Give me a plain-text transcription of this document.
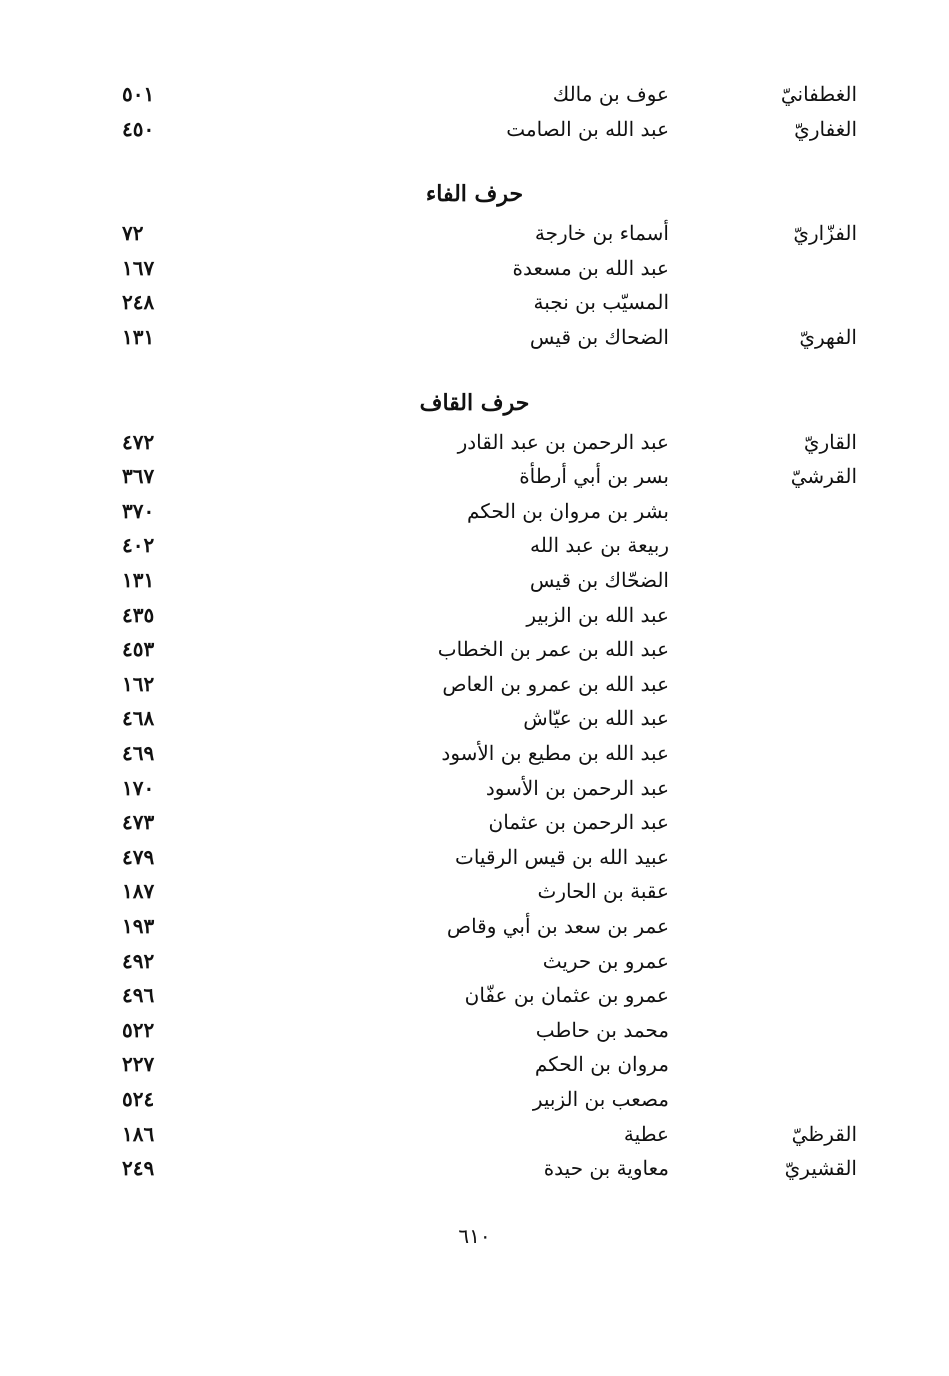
الغطفانيّ
عوف بن مالك
٥٠١
الغفاريّ
عبد الله بن الصامت
٤٥٠
حرف الفاء
الفزّاريّ
أسماء بن خارجة
٧٢
عبد الله بن مسعدة
١٦٧
المسيّب بن نجبة
٢٤٨
الفهريّ
الضحاك بن قيس
١٣١
حرف القاف
القاريّ
عبد الرحمن بن عبد القادر
٤٧٢
القرشيّ
بسر بن أبي أرطأة
٣٦٧
بشر بن مروان بن الحكم
٣٧٠
ربيعة بن عبد الله
٤٠٢
الضحّاك بن قيس
١٣١
عبد الله بن الزبير
٤٣٥
عبد الله بن عمر بن الخطاب
٤٥٣
عبد الله بن عمرو بن العاص
١٦٢
عبد الله بن عيّاش
٤٦٨
عبد الله بن مطيع بن الأسود
٤٦٩
عبد الرحمن بن الأسود
١٧٠
عبد الرحمن بن عثمان
٤٧٣
عبيد الله بن قيس الرقيات
٤٧٩
عقبة بن الحارث
١٨٧
عمر بن سعد بن أبي وقاص
١٩٣
عمرو بن حريث
٤٩٢
عمرو بن عثمان بن عفّان
٤٩٦
محمد بن حاطب
٥٢٢
مروان بن الحكم
٢٢٧
مصعب بن الزبير
٥٢٤
القرظيّ
عطية
١٨٦
القشيريّ
معاوية بن حيدة
٢٤٩
٦١٠
